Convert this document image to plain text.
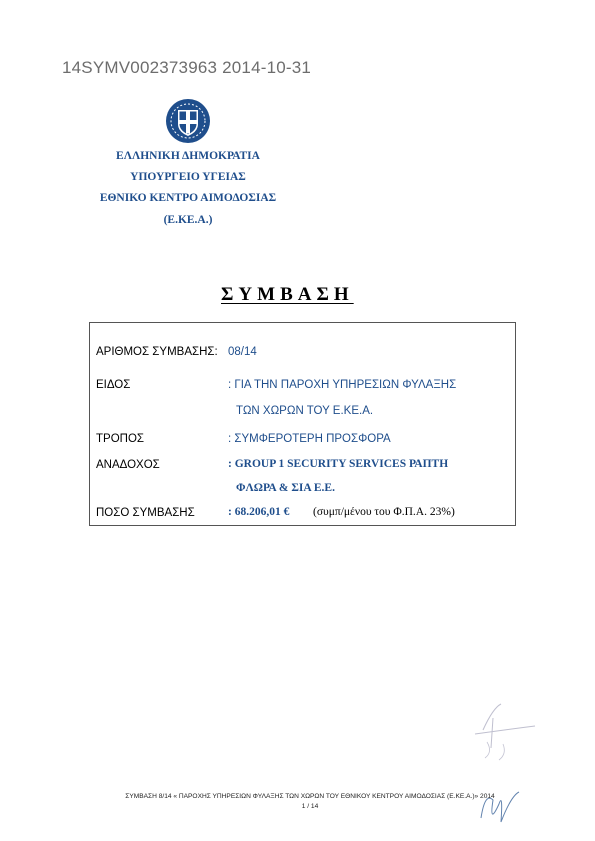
14SYMV002373963 2014-10-31
ΕΛΛΗΝΙΚΗ ΔΗΜΟΚΡΑΤΙΑ
ΥΠΟΥΡΓΕΙΟ ΥΓΕΙΑΣ
ΕΘΝΙΚΟ ΚΕΝΤΡΟ ΑΙΜΟΔΟΣΙΑΣ
(Ε.ΚΕ.Α.)
ΣΥΜΒΑΣΗ
ΑΡΙΘΜΟΣ ΣΥΜΒΑΣΗΣ: 08/14
ΕΙΔΟΣ	: ΓΙΑ ΤΗΝ ΠΑΡΟΧΗ ΥΠΗΡΕΣΙΩΝ ΦΥΛΑΞΗΣ
ΤΩΝ ΧΩΡΩΝ ΤΟΥ Ε.ΚΕ.Α.
ΤΡΟΠΟΣ	: ΣΥΜΦΕΡΟΤΕΡΗ ΠΡΟΣΦΟΡΑ
ΑΝΑΔΟΧΟΣ	: GROUP 1 SECURITY SERVICES ΡΑΠΤΗ
ΦΛΩΡΑ & ΣΙΑ Ε.Ε.
ΠΟΣΟ ΣΥΜΒΑΣΗΣ	: 68.206,01 € (συμπ/μένου του Φ.Π.Α. 23%)
ΣΥΜΒΑΣΗ 8/14 « ΠΑΡΟΧΗΣ ΥΠΗΡΕΣΙΩΝ ΦΥΛΑΞΗΣ ΤΩΝ ΧΩΡΩΝ ΤΟΥ ΕΘΝΙΚΟΥ ΚΕΝΤΡΟΥ ΑΙΜΟΔΟΣΙΑΣ (Ε.ΚΕ.Α.)» 2014
1 / 14
